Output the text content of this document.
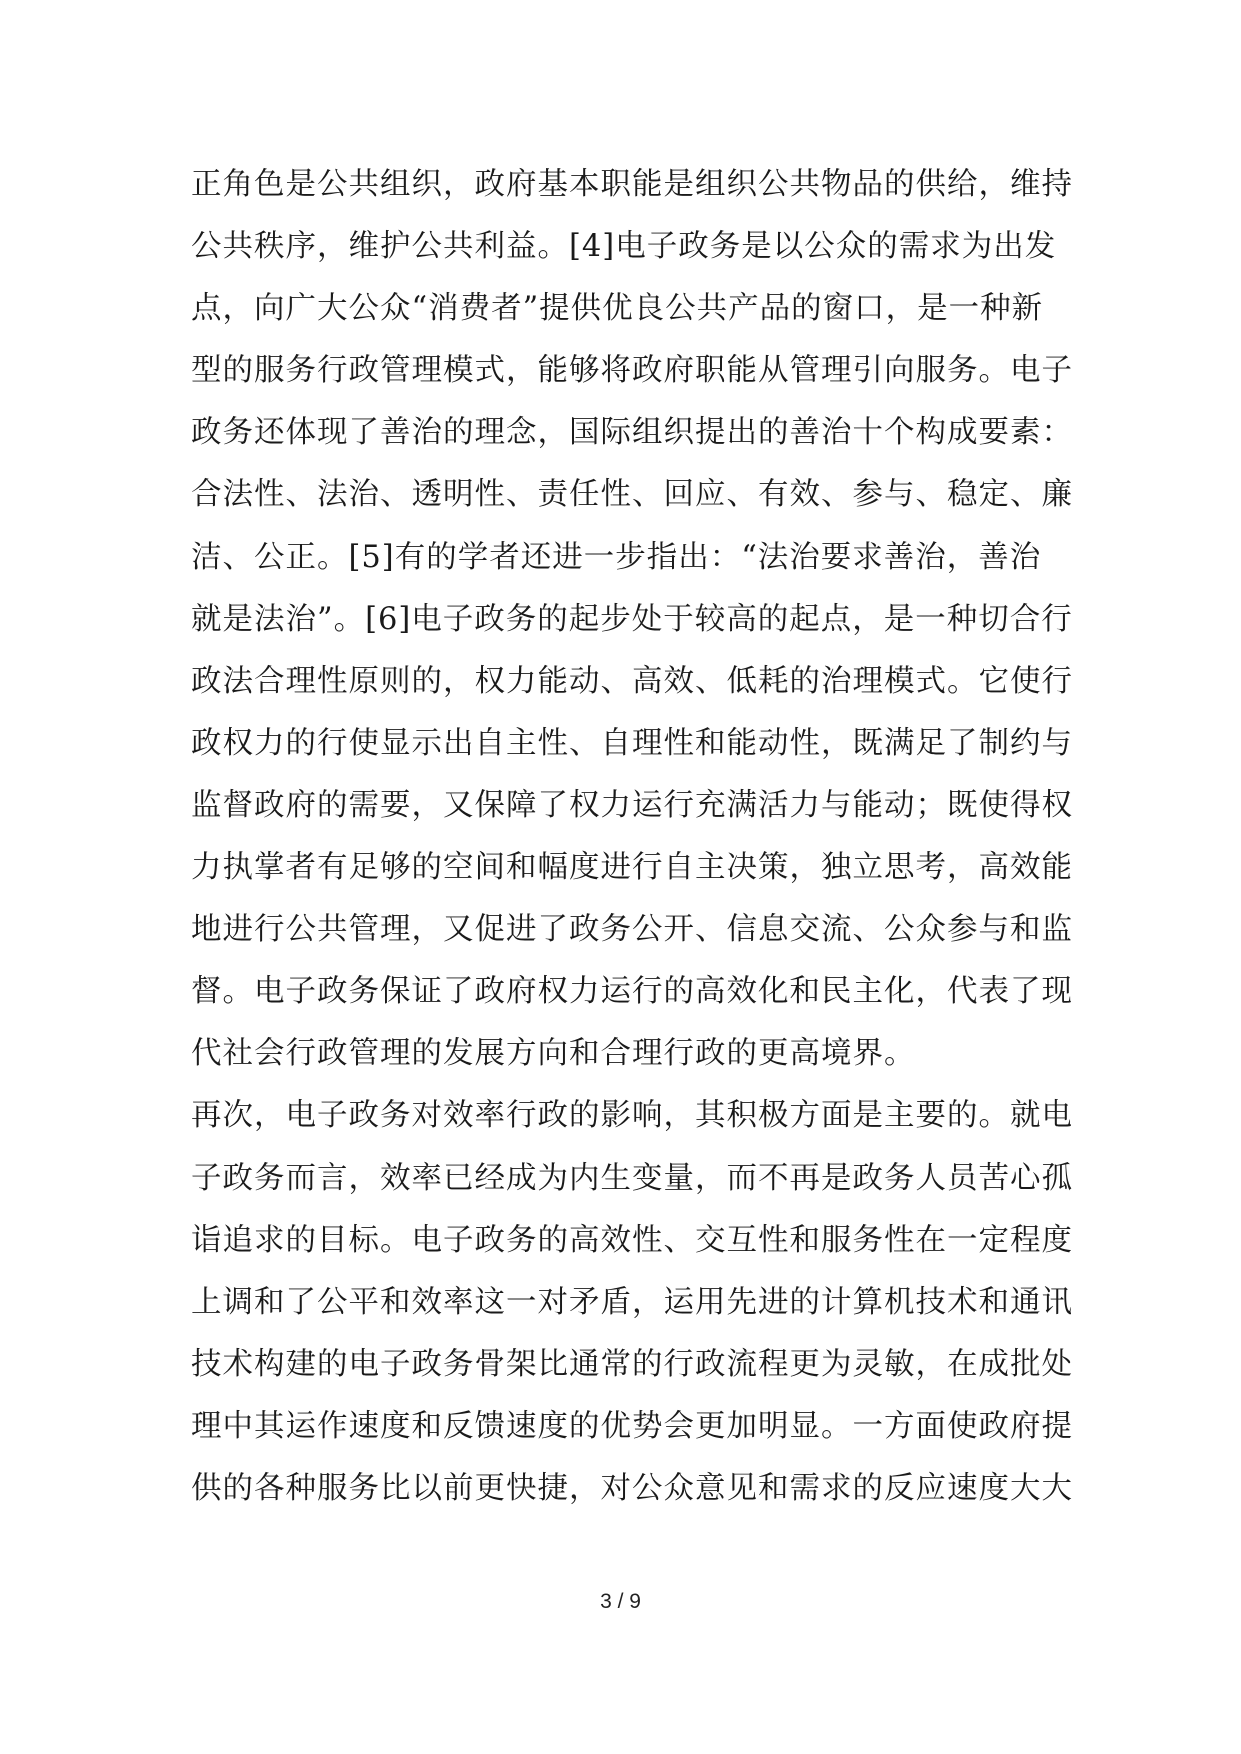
正角色是公共组织，政府基本职能是组织公共物品的供给，维持
公共秩序，维护公共利益。[4]电子政务是以公众的需求为出发
点，向广大公众“消费者”提供优良公共产品的窗口，是一种新
型的服务行政管理模式，能够将政府职能从管理引向服务。电子
政务还体现了善治的理念，国际组织提出的善治十个构成要素：
合法性、法治、透明性、责任性、回应、有效、参与、稳定、廉
洁、公正。[5]有的学者还进一步指出：“法治要求善治，善治
就是法治”。[6]电子政务的起步处于较高的起点，是一种切合行
政法合理性原则的，权力能动、高效、低耗的治理模式。它使行
政权力的行使显示出自主性、自理性和能动性，既满足了制约与
监督政府的需要，又保障了权力运行充满活力与能动；既使得权
力执掌者有足够的空间和幅度进行自主决策，独立思考，高效能
地进行公共管理，又促进了政务公开、信息交流、公众参与和监
督。电子政务保证了政府权力运行的高效化和民主化，代表了现
代社会行政管理的发展方向和合理行政的更高境界。
再次，电子政务对效率行政的影响，其积极方面是主要的。就电
子政务而言，效率已经成为内生变量，而不再是政务人员苦心孤
诣追求的目标。电子政务的高效性、交互性和服务性在一定程度
上调和了公平和效率这一对矛盾，运用先进的计算机技术和通讯
技术构建的电子政务骨架比通常的行政流程更为灵敏，在成批处
理中其运作速度和反馈速度的优势会更加明显。一方面使政府提
供的各种服务比以前更快捷，对公众意见和需求的反应速度大大
3 / 9
